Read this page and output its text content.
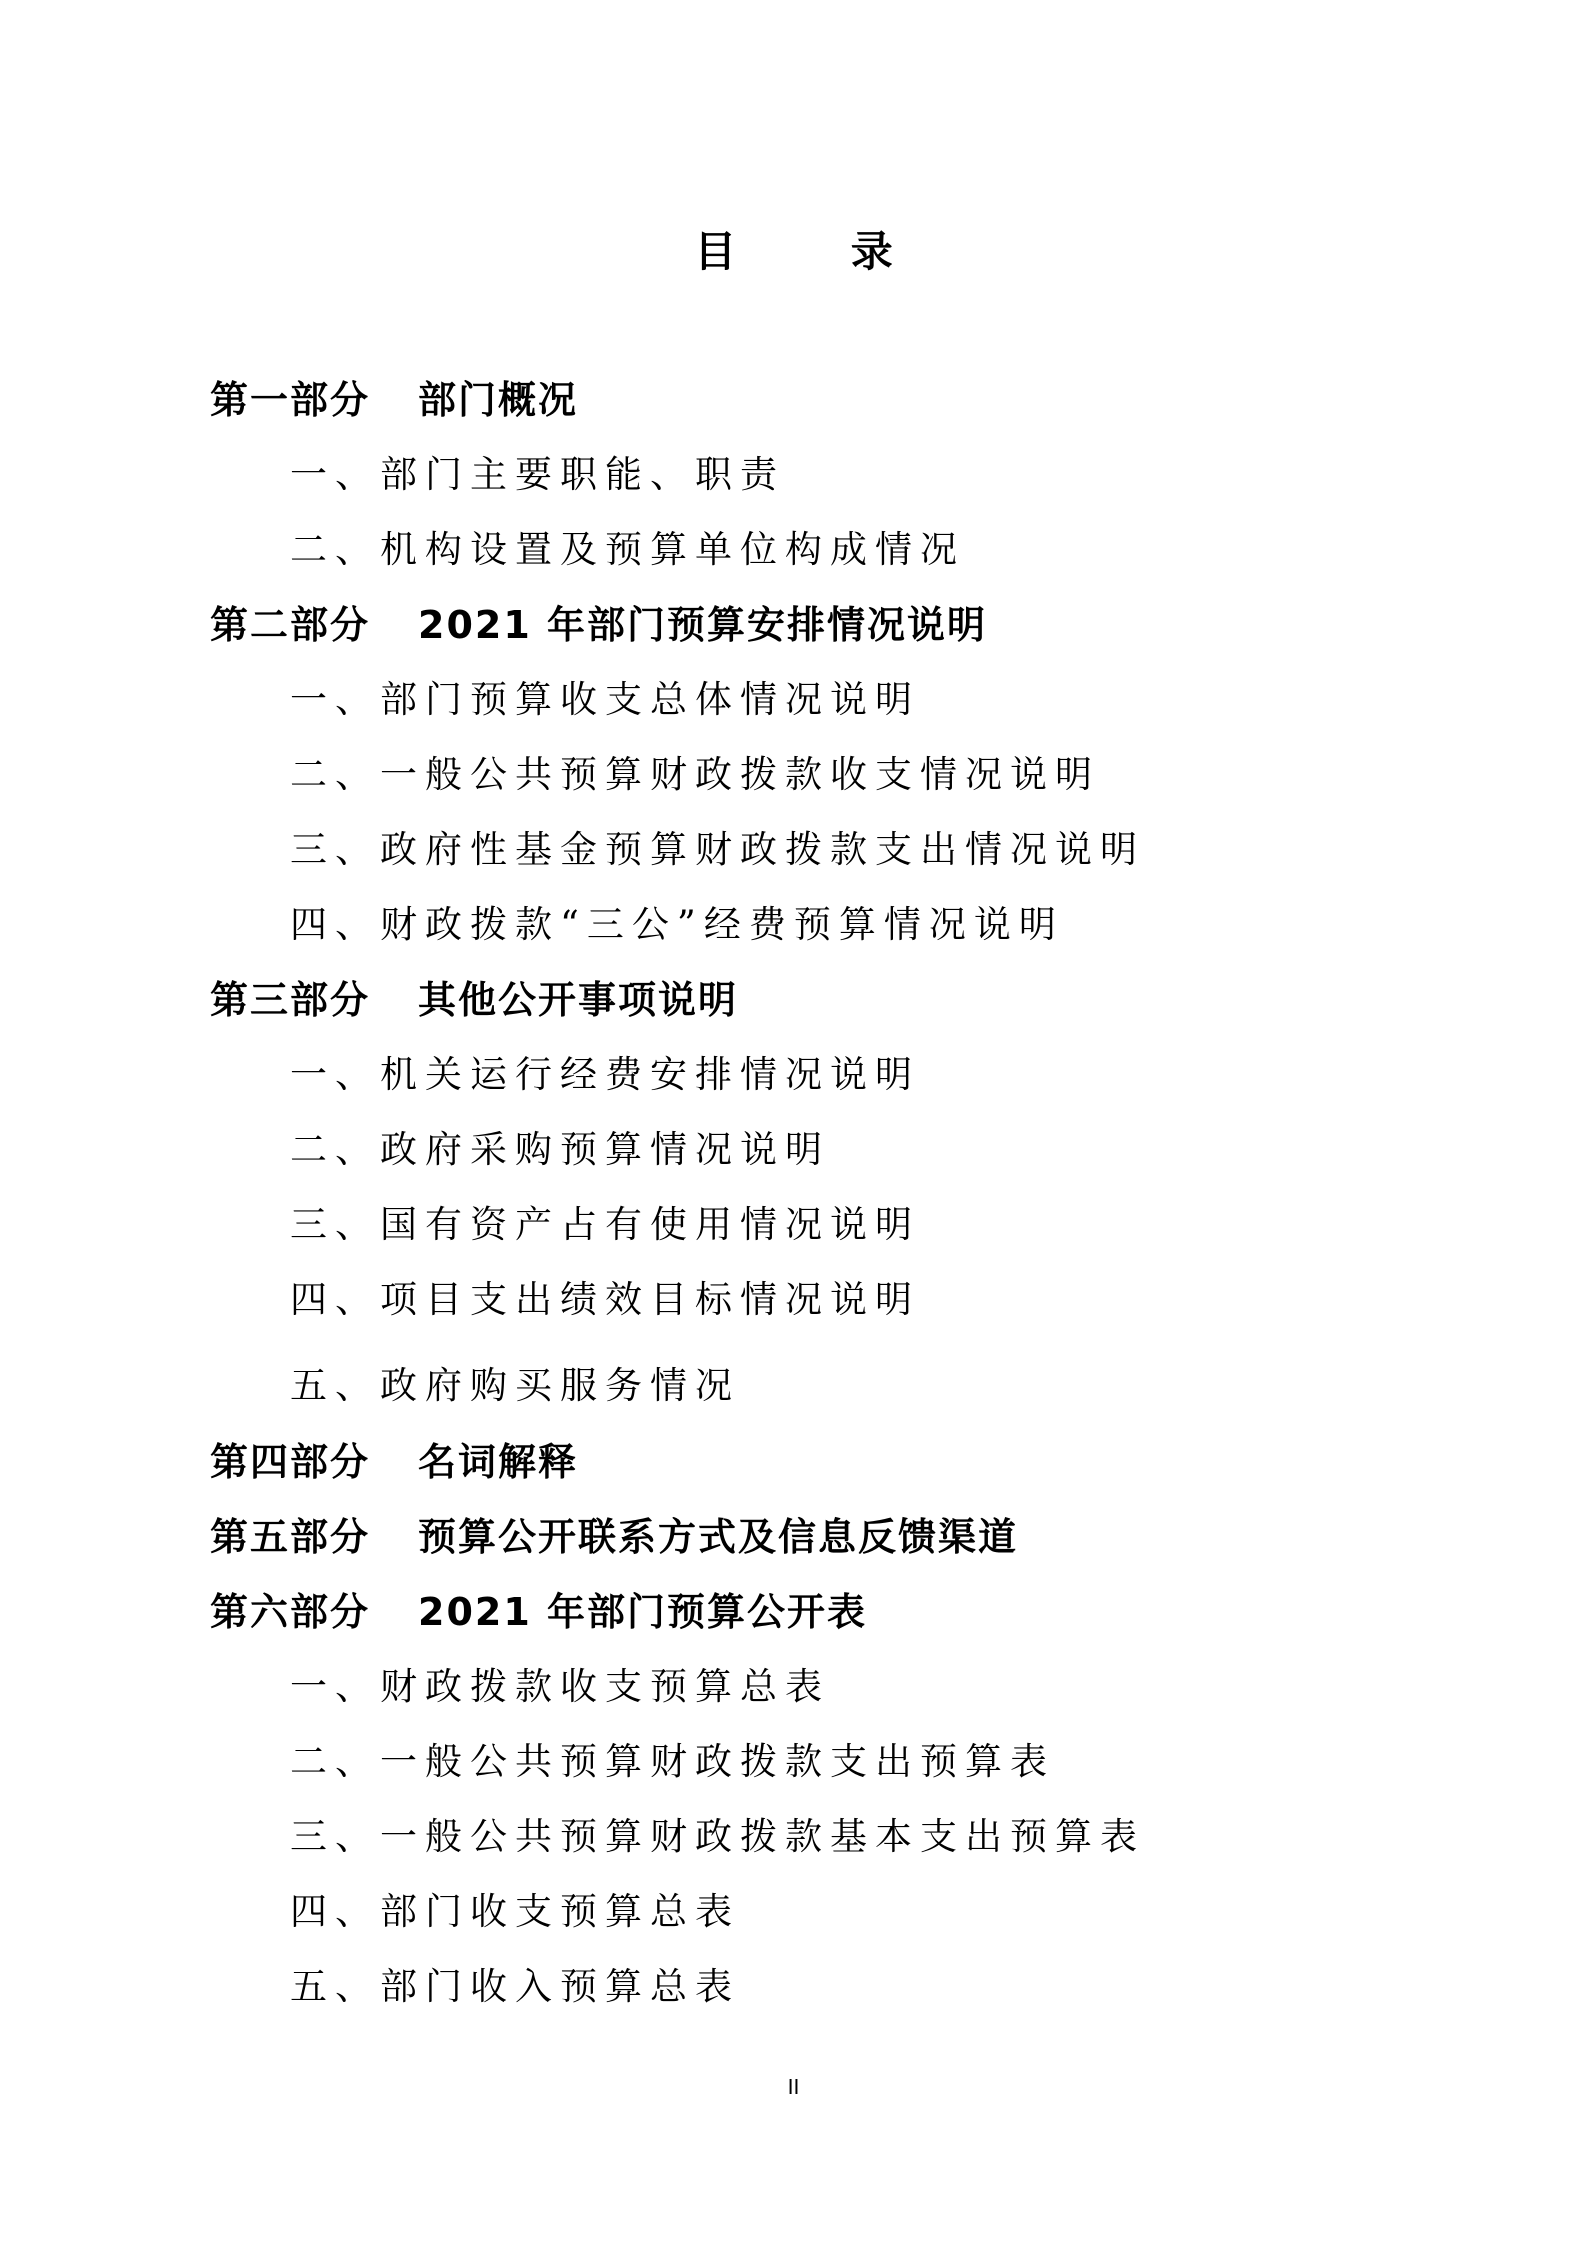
目 录
第一部分 部门概况
一、部门主要职能、职责
二、机构设置及预算单位构成情况
第二部分 2021 年部门预算安排情况说明
一、部门预算收支总体情况说明
二、一般公共预算财政拨款收支情况说明
三、政府性基金预算财政拨款支出情况说明
四、财政拨款“三公”经费预算情况说明
第三部分 其他公开事项说明
一、机关运行经费安排情况说明
二、政府采购预算情况说明
三、国有资产占有使用情况说明
四、项目支出绩效目标情况说明
五、政府购买服务情况
第四部分 名词解释
第五部分 预算公开联系方式及信息反馈渠道
第六部分 2021 年部门预算公开表
一、财政拨款收支预算总表
二、一般公共预算财政拨款支出预算表
三、一般公共预算财政拨款基本支出预算表
四、部门收支预算总表
五、部门收入预算总表
II
